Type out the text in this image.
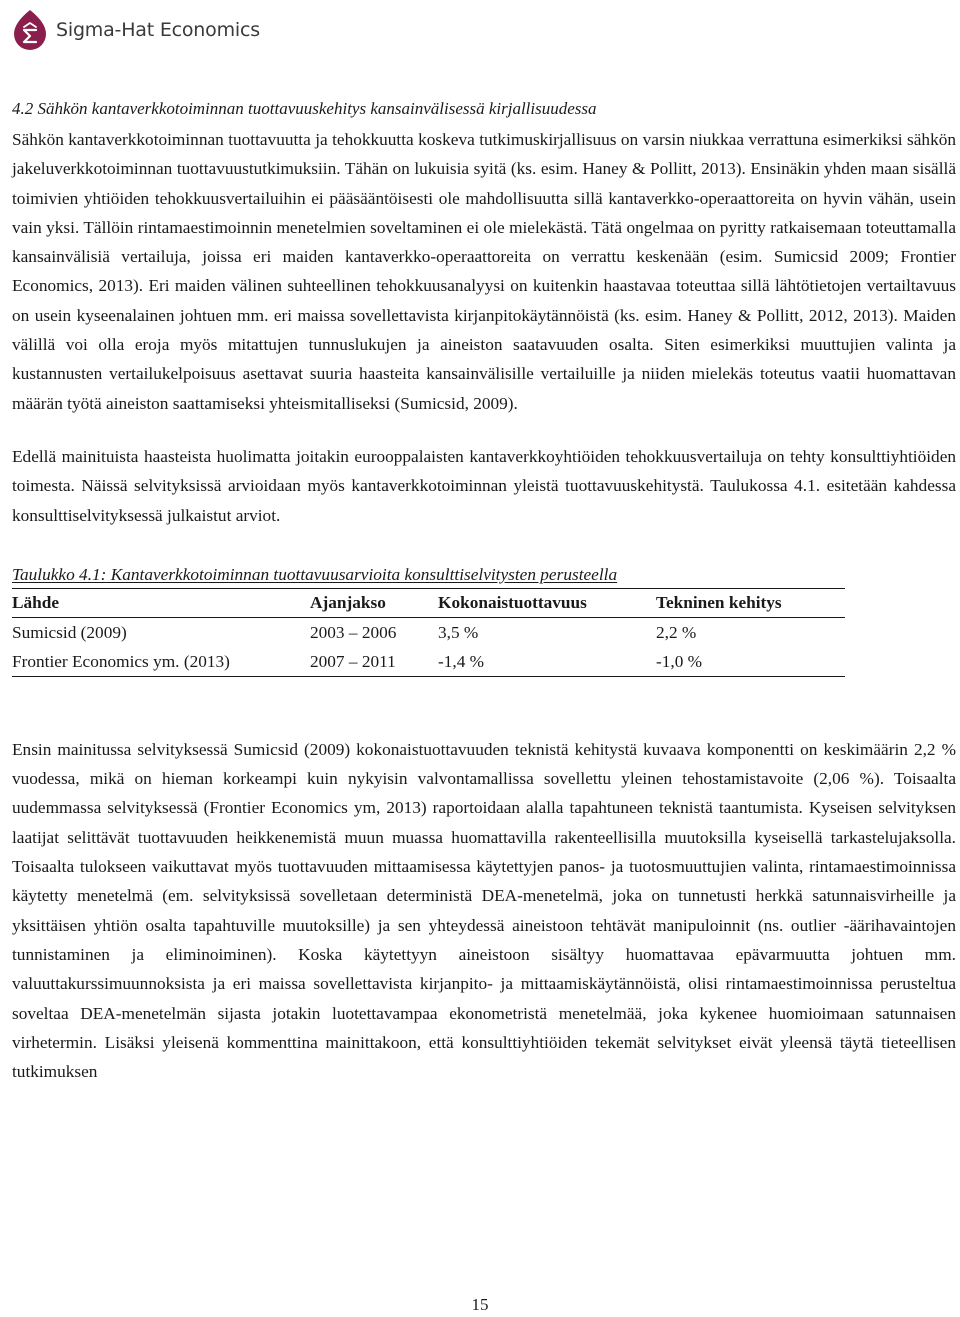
Sigma-Hat Economics
4.2 Sähkön kantaverkkotoiminnan tuottavuuskehitys kansainvälisessä kirjallisuudessa

Sähkön kantaverkkotoiminnan tuottavuutta ja tehokkuutta koskeva tutkimuskirjallisuus on varsin niukkaa verrattuna esimerkiksi sähkön jakeluverkkotoiminnan tuottavuustutkimuksiin. Tähän on lukuisia syitä (ks. esim. Haney & Pollitt, 2013). Ensinäkin yhden maan sisällä toimivien yhtiöiden tehokkuusvertailuihin ei pääsääntöisesti ole mahdollisuutta sillä kantaverkko-operaattoreita on hyvin vähän, usein vain yksi. Tällöin rintamaestimoinnin menetelmien soveltaminen ei ole mielekästä. Tätä ongelmaa on pyritty ratkaisemaan toteuttamalla kansainvälisiä vertailuja, joissa eri maiden kantaverkko-operaattoreita on verrattu keskenään (esim. Sumicsid 2009; Frontier Economics, 2013). Eri maiden välinen suhteellinen tehokkuusanalyysi on kuitenkin haastavaa toteuttaa sillä lähtötietojen vertailtavuus on usein kyseenalainen johtuen mm. eri maissa sovellettavista kirjanpitokäytännöistä (ks. esim. Haney & Pollitt, 2012, 2013). Maiden välillä voi olla eroja myös mitattujen tunnuslukujen ja aineiston saatavuuden osalta. Siten esimerkiksi muuttujien valinta ja kustannusten vertailukelpoisuus asettavat suuria haasteita kansainvälisille vertailuille ja niiden mielekäs toteutus vaatii huomattavan määrän työtä aineiston saattamiseksi yhteismitalliseksi (Sumicsid, 2009).

Edellä mainituista haasteista huolimatta joitakin eurooppalaisten kantaverkkoyhtiöiden tehokkuusvertailuja on tehty konsulttiyhtiöiden toimesta. Näissä selvityksissä arvioidaan myös kantaverkkotoiminnan yleistä tuottavuuskehitystä. Taulukossa 4.1. esitetään kahdessa konsulttiselvityksessä julkaistut arviot.

Taulukko 4.1: Kantaverkkotoiminnan tuottavuusarvioita konsulttiselvitysten perusteella

Lähde	Ajanjakso	Kokonaistuottavuus	Tekninen kehitys
Sumicsid (2009)	2003 – 2006	3,5 %	2,2 %
Frontier Economics ym. (2013)	2007 – 2011	-1,4 %	-1,0 %

Ensin mainitussa selvityksessä Sumicsid (2009) kokonaistuottavuuden teknistä kehitystä kuvaava komponentti on keskimäärin 2,2 % vuodessa, mikä on hieman korkeampi kuin nykyisin valvontamallissa sovellettu yleinen tehostamistavoite (2,06 %). Toisaalta uudemmassa selvityksessä (Frontier Economics ym, 2013) raportoidaan alalla tapahtuneen teknistä taantumista. Kyseisen selvityksen laatijat selittävät tuottavuuden heikkenemistä muun muassa huomattavilla rakenteellisilla muutoksilla kyseisellä tarkastelujaksolla. Toisaalta tulokseen vaikuttavat myös tuottavuuden mittaamisessa käytettyjen panos- ja tuotosmuuttujien valinta, rintamaestimoinnissa käytetty menetelmä (em. selvityksissä sovelletaan deterministä DEA-menetelmä, joka on tunnetusti herkkä satunnaisvirheille ja yksittäisen yhtiön osalta tapahtuville muutoksille) ja sen yhteydessä aineistoon tehtävät manipuloinnit (ns. outlier -äärihavaintojen tunnistaminen ja eliminoiminen). Koska käytettyyn aineistoon sisältyy huomattavaa epävarmuutta johtuen mm. valuuttakurssimuunnoksista ja eri maissa sovellettavista kirjanpito- ja mittaamiskäytännöistä, olisi rintamaestimoinnissa perusteltua soveltaa DEA-menetelmän sijasta jotakin luotettavampaa ekonometristä menetelmää, joka kykenee huomioimaan satunnaisen virhetermin. Lisäksi yleisenä kommenttina mainittakoon, että konsulttiyhtiöiden tekemät selvitykset eivät yleensä täytä tieteellisen tutkimuksen

15
